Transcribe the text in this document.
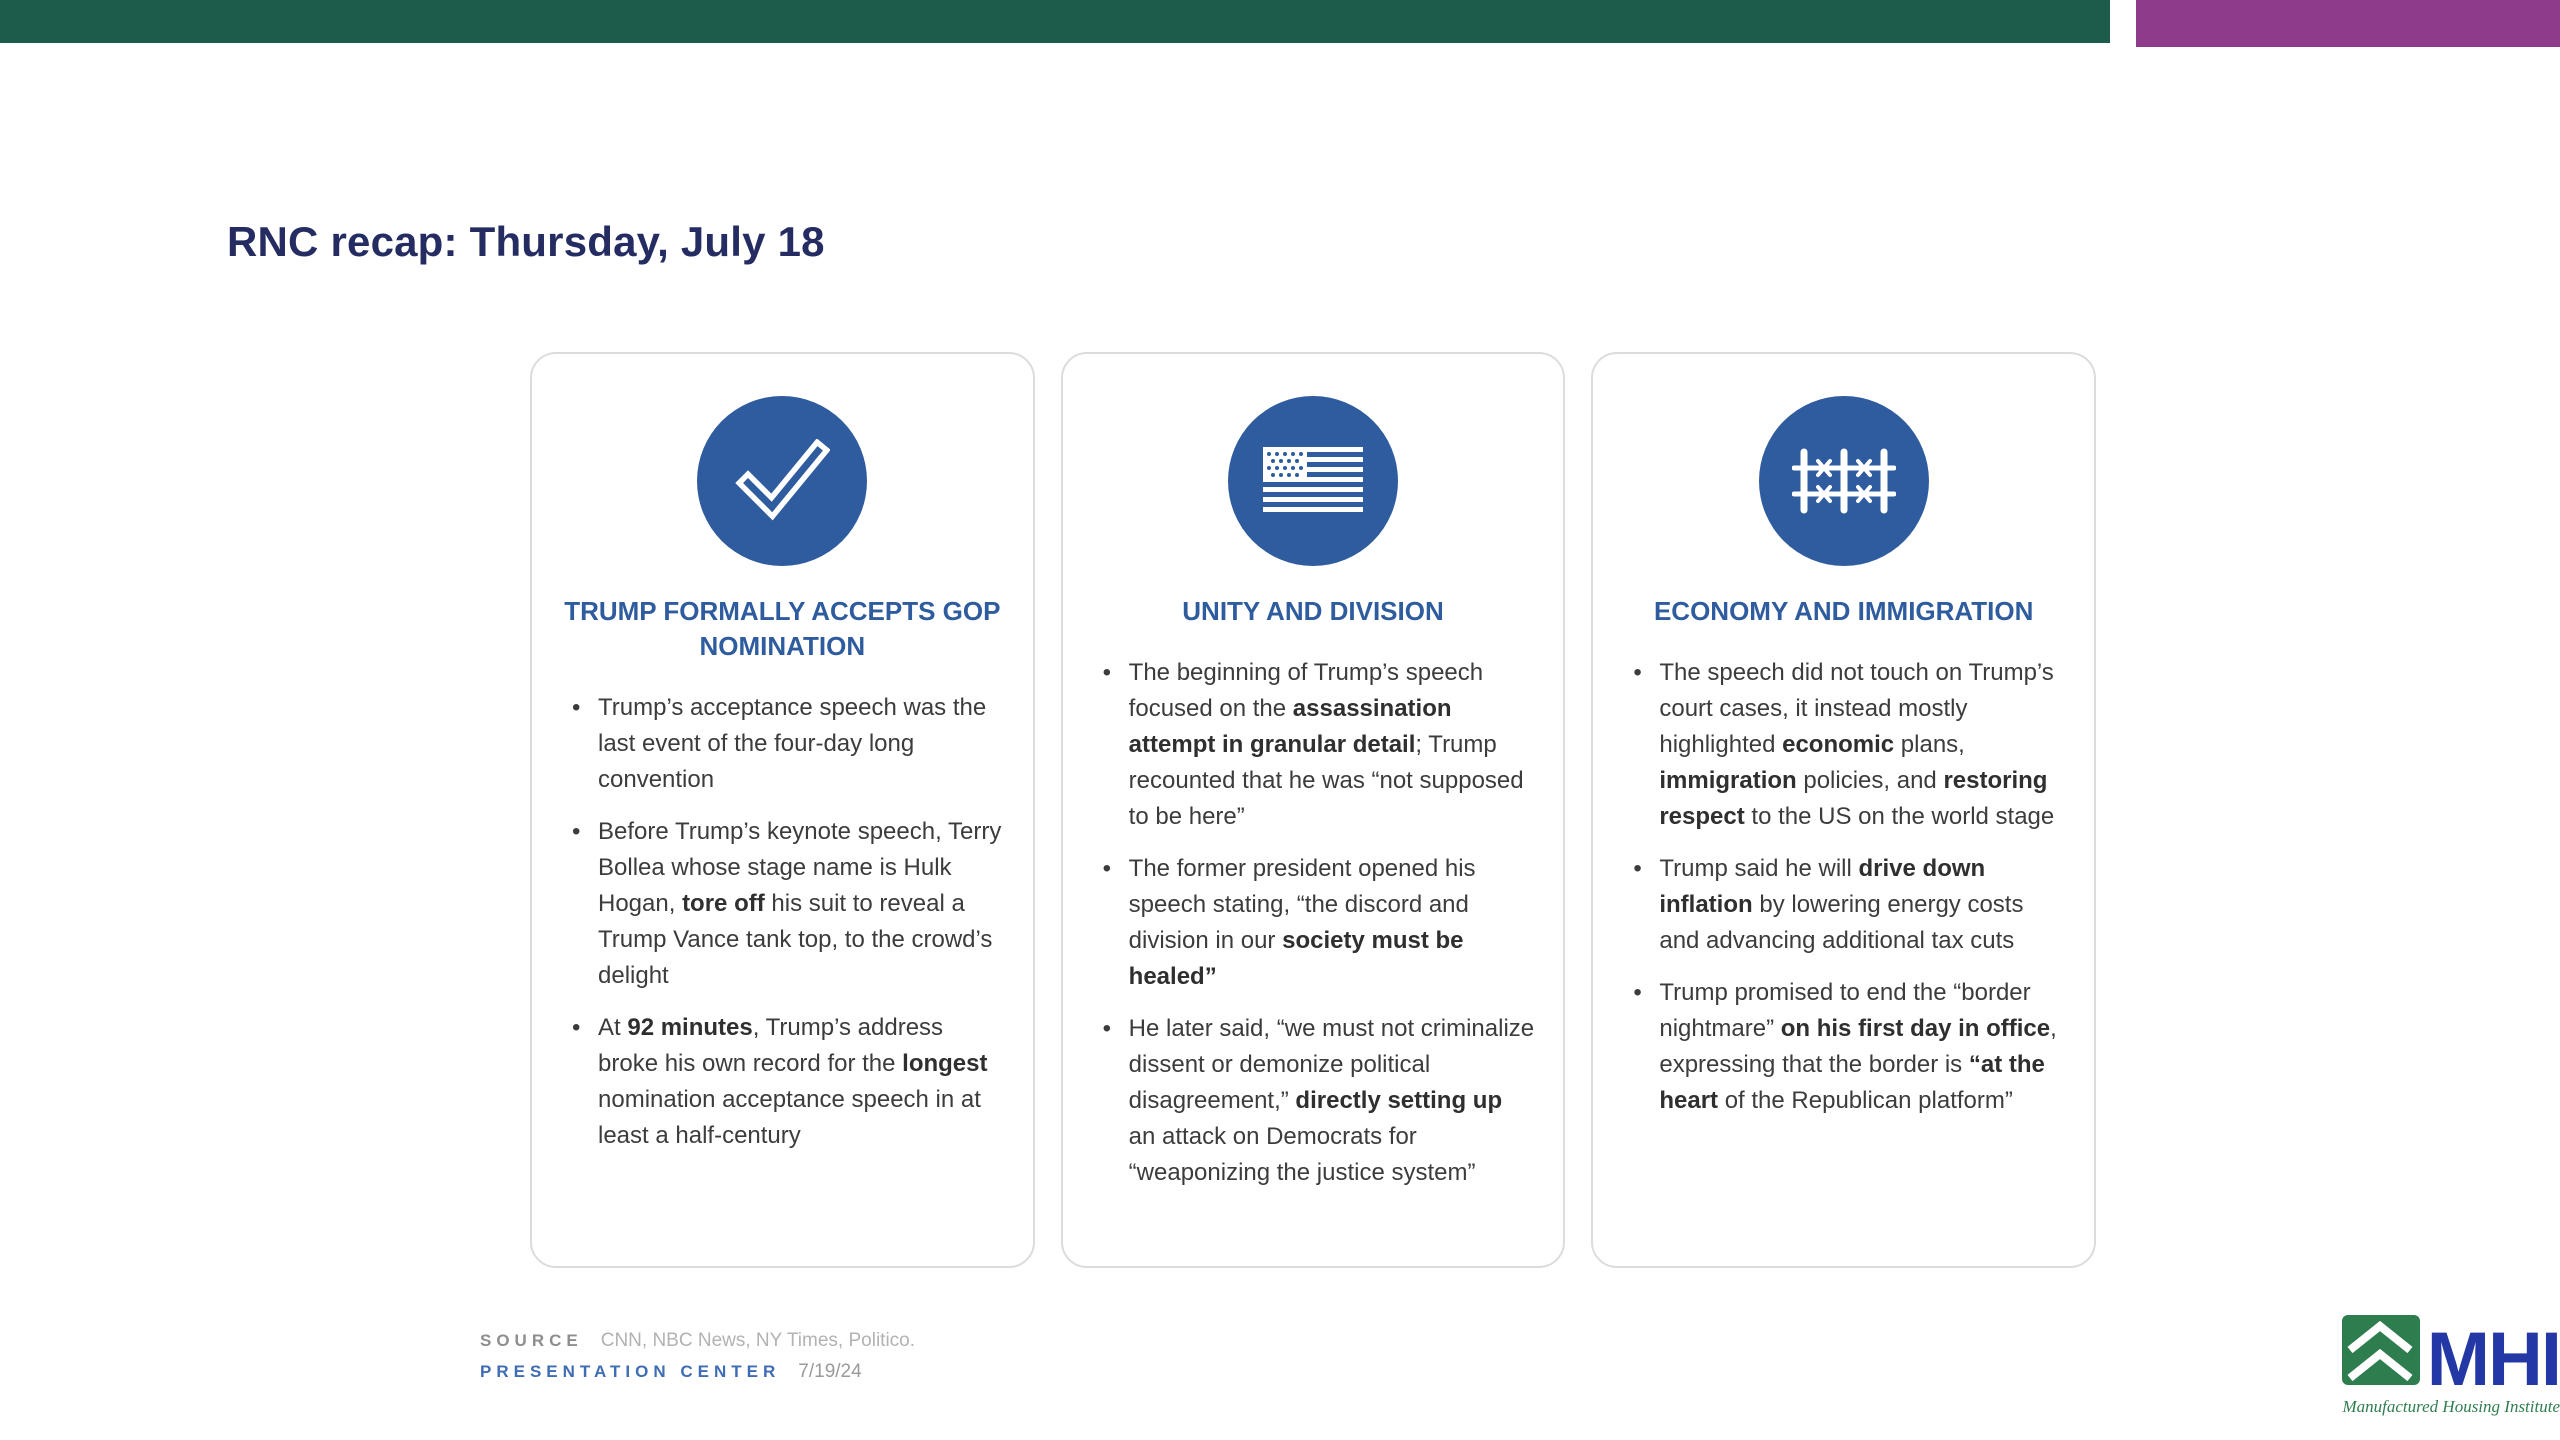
RNC recap: Thursday, July 18
TRUMP FORMALLY ACCEPTS GOP NOMINATION
• Trump’s acceptance speech was the last event of the four-day long convention
• Before Trump’s keynote speech, Terry Bollea whose stage name is Hulk Hogan, tore off his suit to reveal a Trump Vance tank top, to the crowd’s delight
• At 92 minutes, Trump’s address broke his own record for the longest nomination acceptance speech in at least a half-century
UNITY AND DIVISION
• The beginning of Trump’s speech focused on the assassination attempt in granular detail; Trump recounted that he was “not supposed to be here”
• The former president opened his speech stating, “the discord and division in our society must be healed”
• He later said, “we must not criminalize dissent or demonize political disagreement,” directly setting up an attack on Democrats for “weaponizing the justice system”
ECONOMY AND IMMIGRATION
• The speech did not touch on Trump’s court cases, it instead mostly highlighted economic plans, immigration policies, and restoring respect to the US on the world stage
• Trump said he will drive down inflation by lowering energy costs and advancing additional tax cuts
• Trump promised to end the “border nightmare” on his first day in office, expressing that the border is “at the heart of the Republican platform”
SOURCE CNN, NBC News, NY Times, Politico.
PRESENTATION CENTER 7/19/24	MHI
Manufactured Housing Institute
